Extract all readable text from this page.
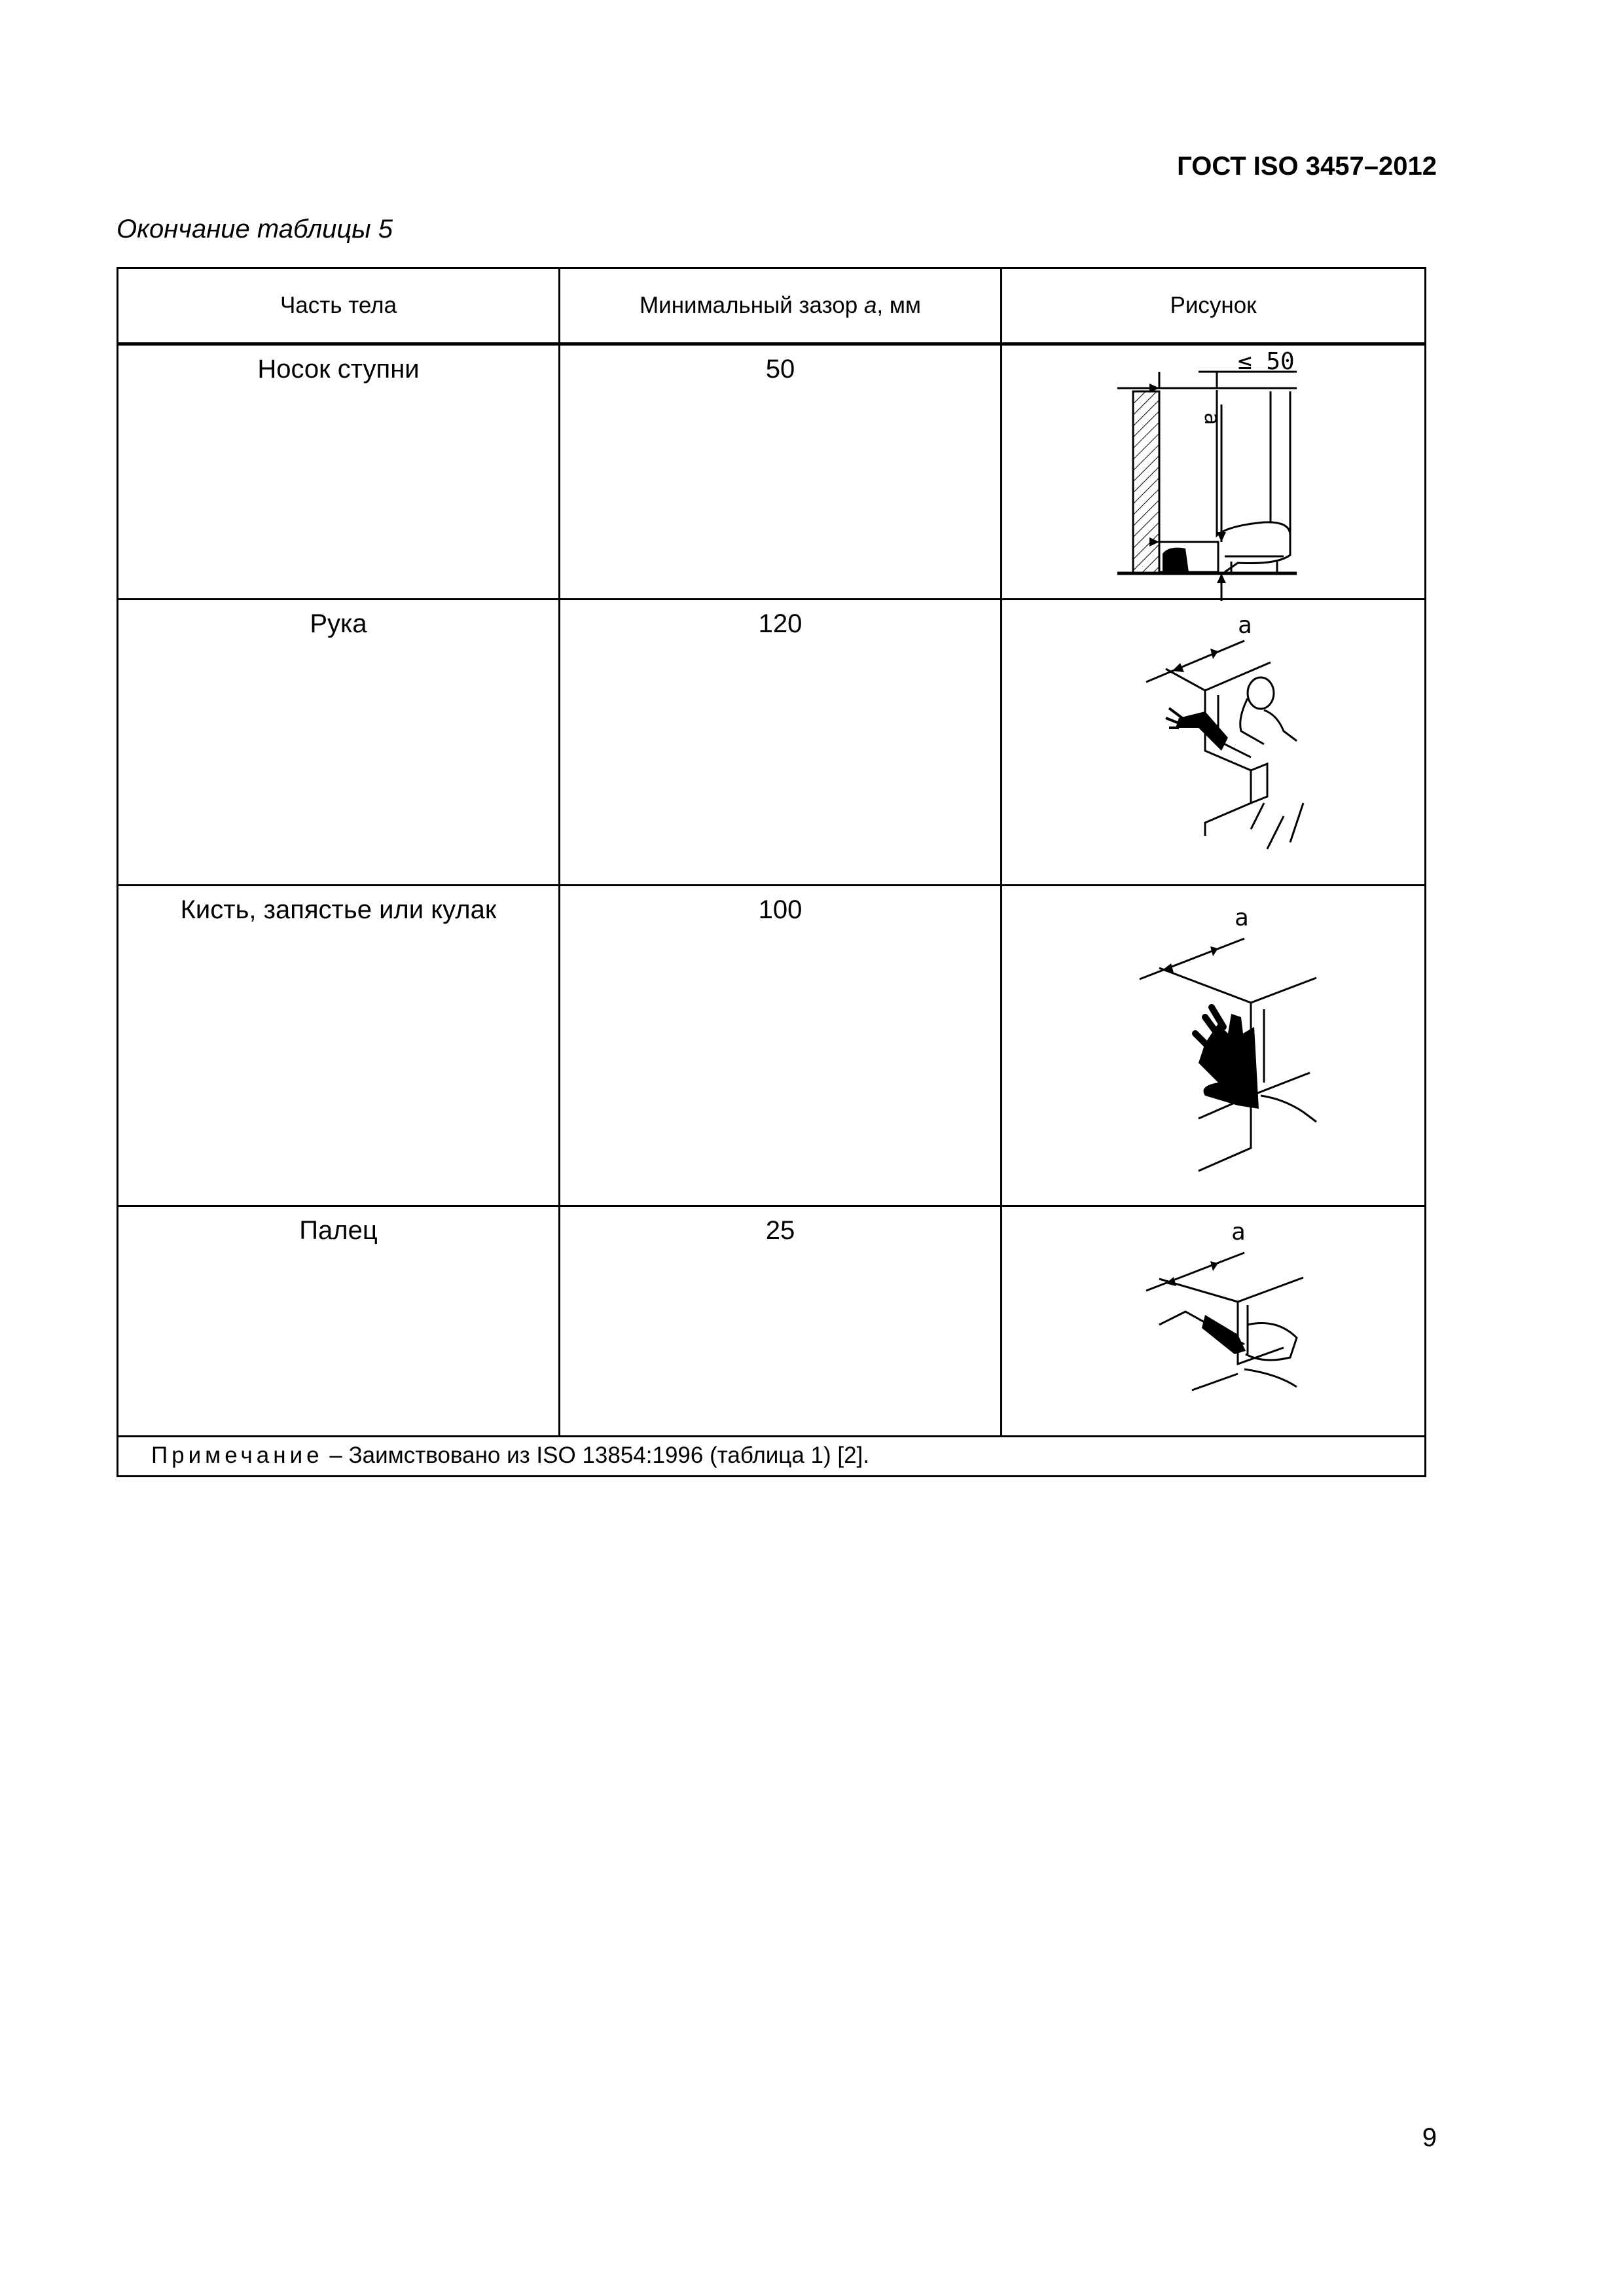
ГОСТ ISO 3457–2012
Окончание таблицы 5
Часть тела	Минимальный зазор a, мм	Рисунок
Носок ступни	50	≤ 50
a

Рука	120	a

Кисть, запястье или кулак	100	a

Палец	25	a

Примечание – Заимствовано из ISO 13854:1996 (таблица 1) [2].		
9
